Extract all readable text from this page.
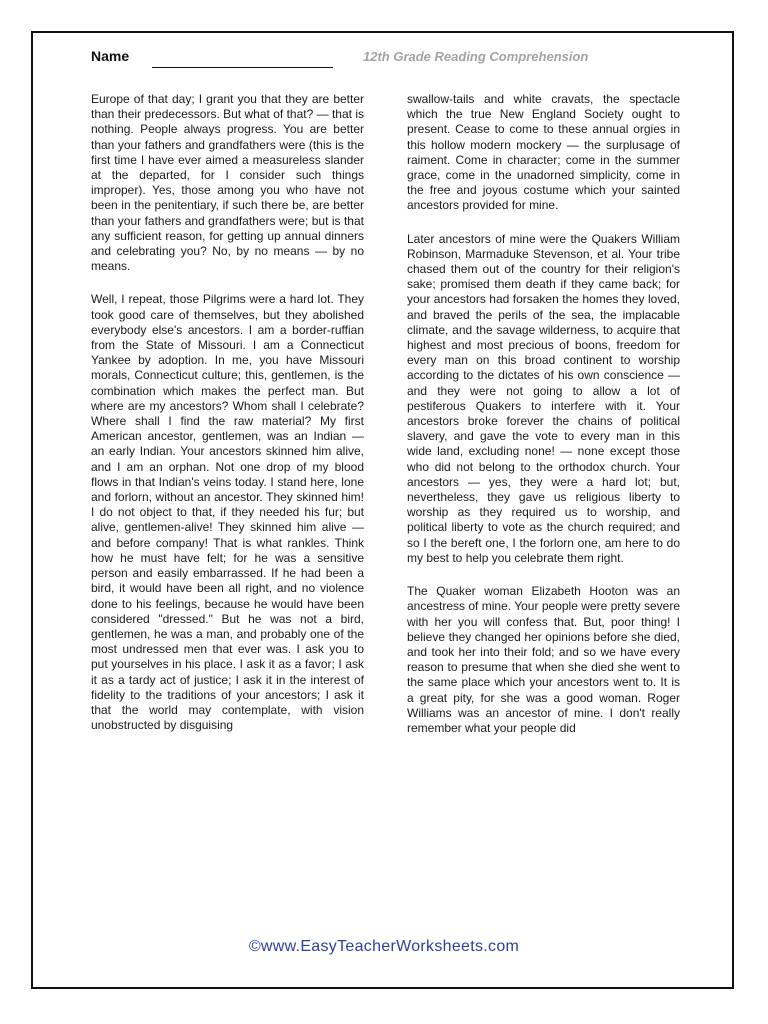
Name	12th Grade Reading Comprehension

Europe of that day; I grant you that they are better than their predecessors. But what of that? — that is nothing. People always progress. You are better than your fathers and grandfathers were (this is the first time I have ever aimed a measureless slander at the departed, for I consider such things improper). Yes, those among you who have not been in the penitentiary, if such there be, are better than your fathers and grandfathers were; but is that any sufficient reason, for getting up annual dinners and celebrating you? No, by no means — by no means.

Well, I repeat, those Pilgrims were a hard lot. They took good care of themselves, but they abolished everybody else's ancestors. I am a border-ruffian from the State of Missouri. I am a Connecticut Yankee by adoption. In me, you have Missouri morals, Connecticut culture; this, gentlemen, is the combination which makes the perfect man. But where are my ancestors? Whom shall I celebrate? Where shall I find the raw material? My first American ancestor, gentlemen, was an Indian — an early Indian. Your ancestors skinned him alive, and I am an orphan. Not one drop of my blood flows in that Indian's veins today. I stand here, lone and forlorn, without an ancestor. They skinned him! I do not object to that, if they needed his fur; but alive, gentlemen-alive! They skinned him alive — and before company! That is what rankles. Think how he must have felt; for he was a sensitive person and easily embarrassed. If he had been a bird, it would have been all right, and no violence done to his feelings, because he would have been considered "dressed." But he was not a bird, gentlemen, he was a man, and probably one of the most undressed men that ever was. I ask you to put yourselves in his place. I ask it as a favor; I ask it as a tardy act of justice; I ask it in the interest of fidelity to the traditions of your ancestors; I ask it that the world may contemplate, with vision unobstructed by disguising

swallow-tails and white cravats, the spectacle which the true New England Society ought to present. Cease to come to these annual orgies in this hollow modern mockery — the surplusage of raiment. Come in character; come in the summer grace, come in the unadorned simplicity, come in the free and joyous costume which your sainted ancestors provided for mine.

Later ancestors of mine were the Quakers William Robinson, Marmaduke Stevenson, et al. Your tribe chased them out of the country for their religion's sake; promised them death if they came back; for your ancestors had forsaken the homes they loved, and braved the perils of the sea, the implacable climate, and the savage wilderness, to acquire that highest and most precious of boons, freedom for every man on this broad continent to worship according to the dictates of his own conscience — and they were not going to allow a lot of pestiferous Quakers to interfere with it. Your ancestors broke forever the chains of political slavery, and gave the vote to every man in this wide land, excluding none! — none except those who did not belong to the orthodox church. Your ancestors — yes, they were a hard lot; but, nevertheless, they gave us religious liberty to worship as they required us to worship, and political liberty to vote as the church required; and so I the bereft one, I the forlorn one, am here to do my best to help you celebrate them right.

The Quaker woman Elizabeth Hooton was an ancestress of mine. Your people were pretty severe with her you will confess that. But, poor thing! I believe they changed her opinions before she died, and took her into their fold; and so we have every reason to presume that when she died she went to the same place which your ancestors went to. It is a great pity, for she was a good woman. Roger Williams was an ancestor of mine. I don't really remember what your people did

©www.EasyTeacherWorksheets.com
